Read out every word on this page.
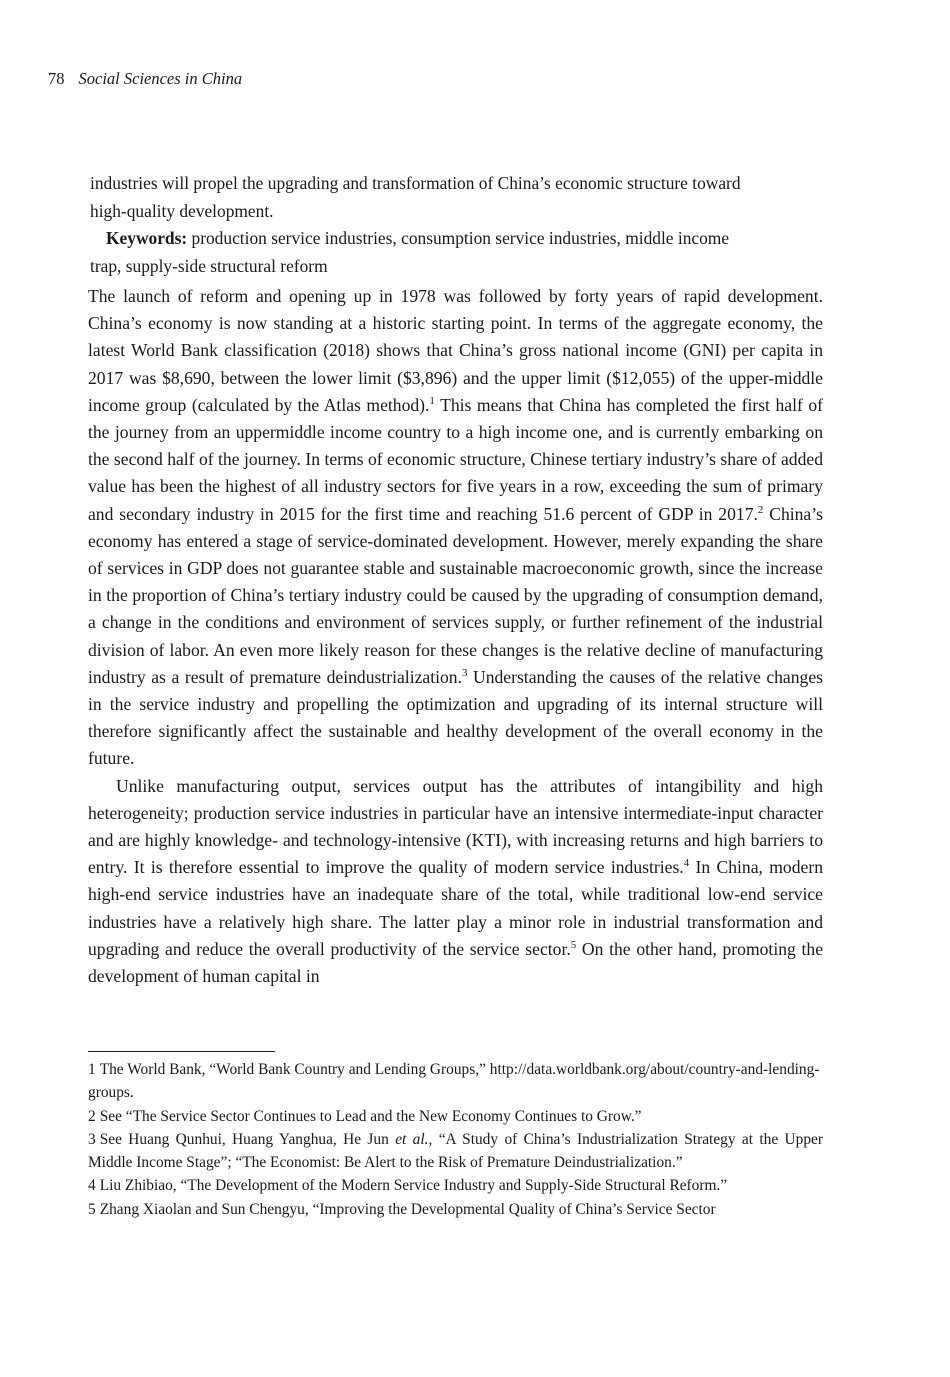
78 Social Sciences in China

industries will propel the upgrading and transformation of China’s economic structure toward

high-quality development.

Keywords: production service industries, consumption service industries, middle income

trap, supply-side structural reform

The launch of reform and opening up in 1978 was followed by forty years of rapid development. China’s economy is now standing at a historic starting point. In terms of the aggregate economy, the latest World Bank classification (2018) shows that China’s gross national income (GNI) per capita in 2017 was $8,690, between the lower limit ($3,896) and the upper limit ($12,055) of the upper-middle income group (calculated by the Atlas method).$^1$ This means that China has completed the first half of the journey from an uppermiddle income country to a high income one, and is currently embarking on the second half of the journey. In terms of economic structure, Chinese tertiary industry’s share of added value has been the highest of all industry sectors for five years in a row, exceeding the sum of primary and secondary industry in 2015 for the first time and reaching 51.6 percent of GDP in 2017.$^2$ China’s economy has entered a stage of service-dominated development. However, merely expanding the share of services in GDP does not guarantee stable and sustainable macroeconomic growth, since the increase in the proportion of China’s tertiary industry could be caused by the upgrading of consumption demand, a change in the conditions and environment of services supply, or further refinement of the industrial division of labor. An even more likely reason for these changes is the relative decline of manufacturing industry as a result of premature deindustrialization.$^3$ Understanding the causes of the relative changes in the service industry and propelling the optimization and upgrading of its internal structure will therefore significantly affect the sustainable and healthy development of the overall economy in the future.

Unlike manufacturing output, services output has the attributes of intangibility and high heterogeneity; production service industries in particular have an intensive intermediate-input character and are highly knowledge- and technology-intensive (KTI), with increasing returns and high barriers to entry. It is therefore essential to improve the quality of modern service industries.$^4$ In China, modern high-end service industries have an inadequate share of the total, while traditional low-end service industries have a relatively high share. The latter play a minor role in industrial transformation and upgrading and reduce the overall productivity of the service sector.$^5$ On the other hand, promoting the development of human capital in

1 The World Bank, “World Bank Country and Lending Groups,” http://data.worldbank.org/about/country-and-lending-groups.

2 See “The Service Sector Continues to Lead and the New Economy Continues to Grow.”

3 See Huang Qunhui, Huang Yanghua, He Jun et al., “A Study of China’s Industrialization Strategy at the Upper Middle Income Stage”; “The Economist: Be Alert to the Risk of Premature Deindustrialization.”

4 Liu Zhibiao, “The Development of the Modern Service Industry and Supply-Side Structural Reform.”

5 Zhang Xiaolan and Sun Chengyu, “Improving the Developmental Quality of China’s Service Sector
